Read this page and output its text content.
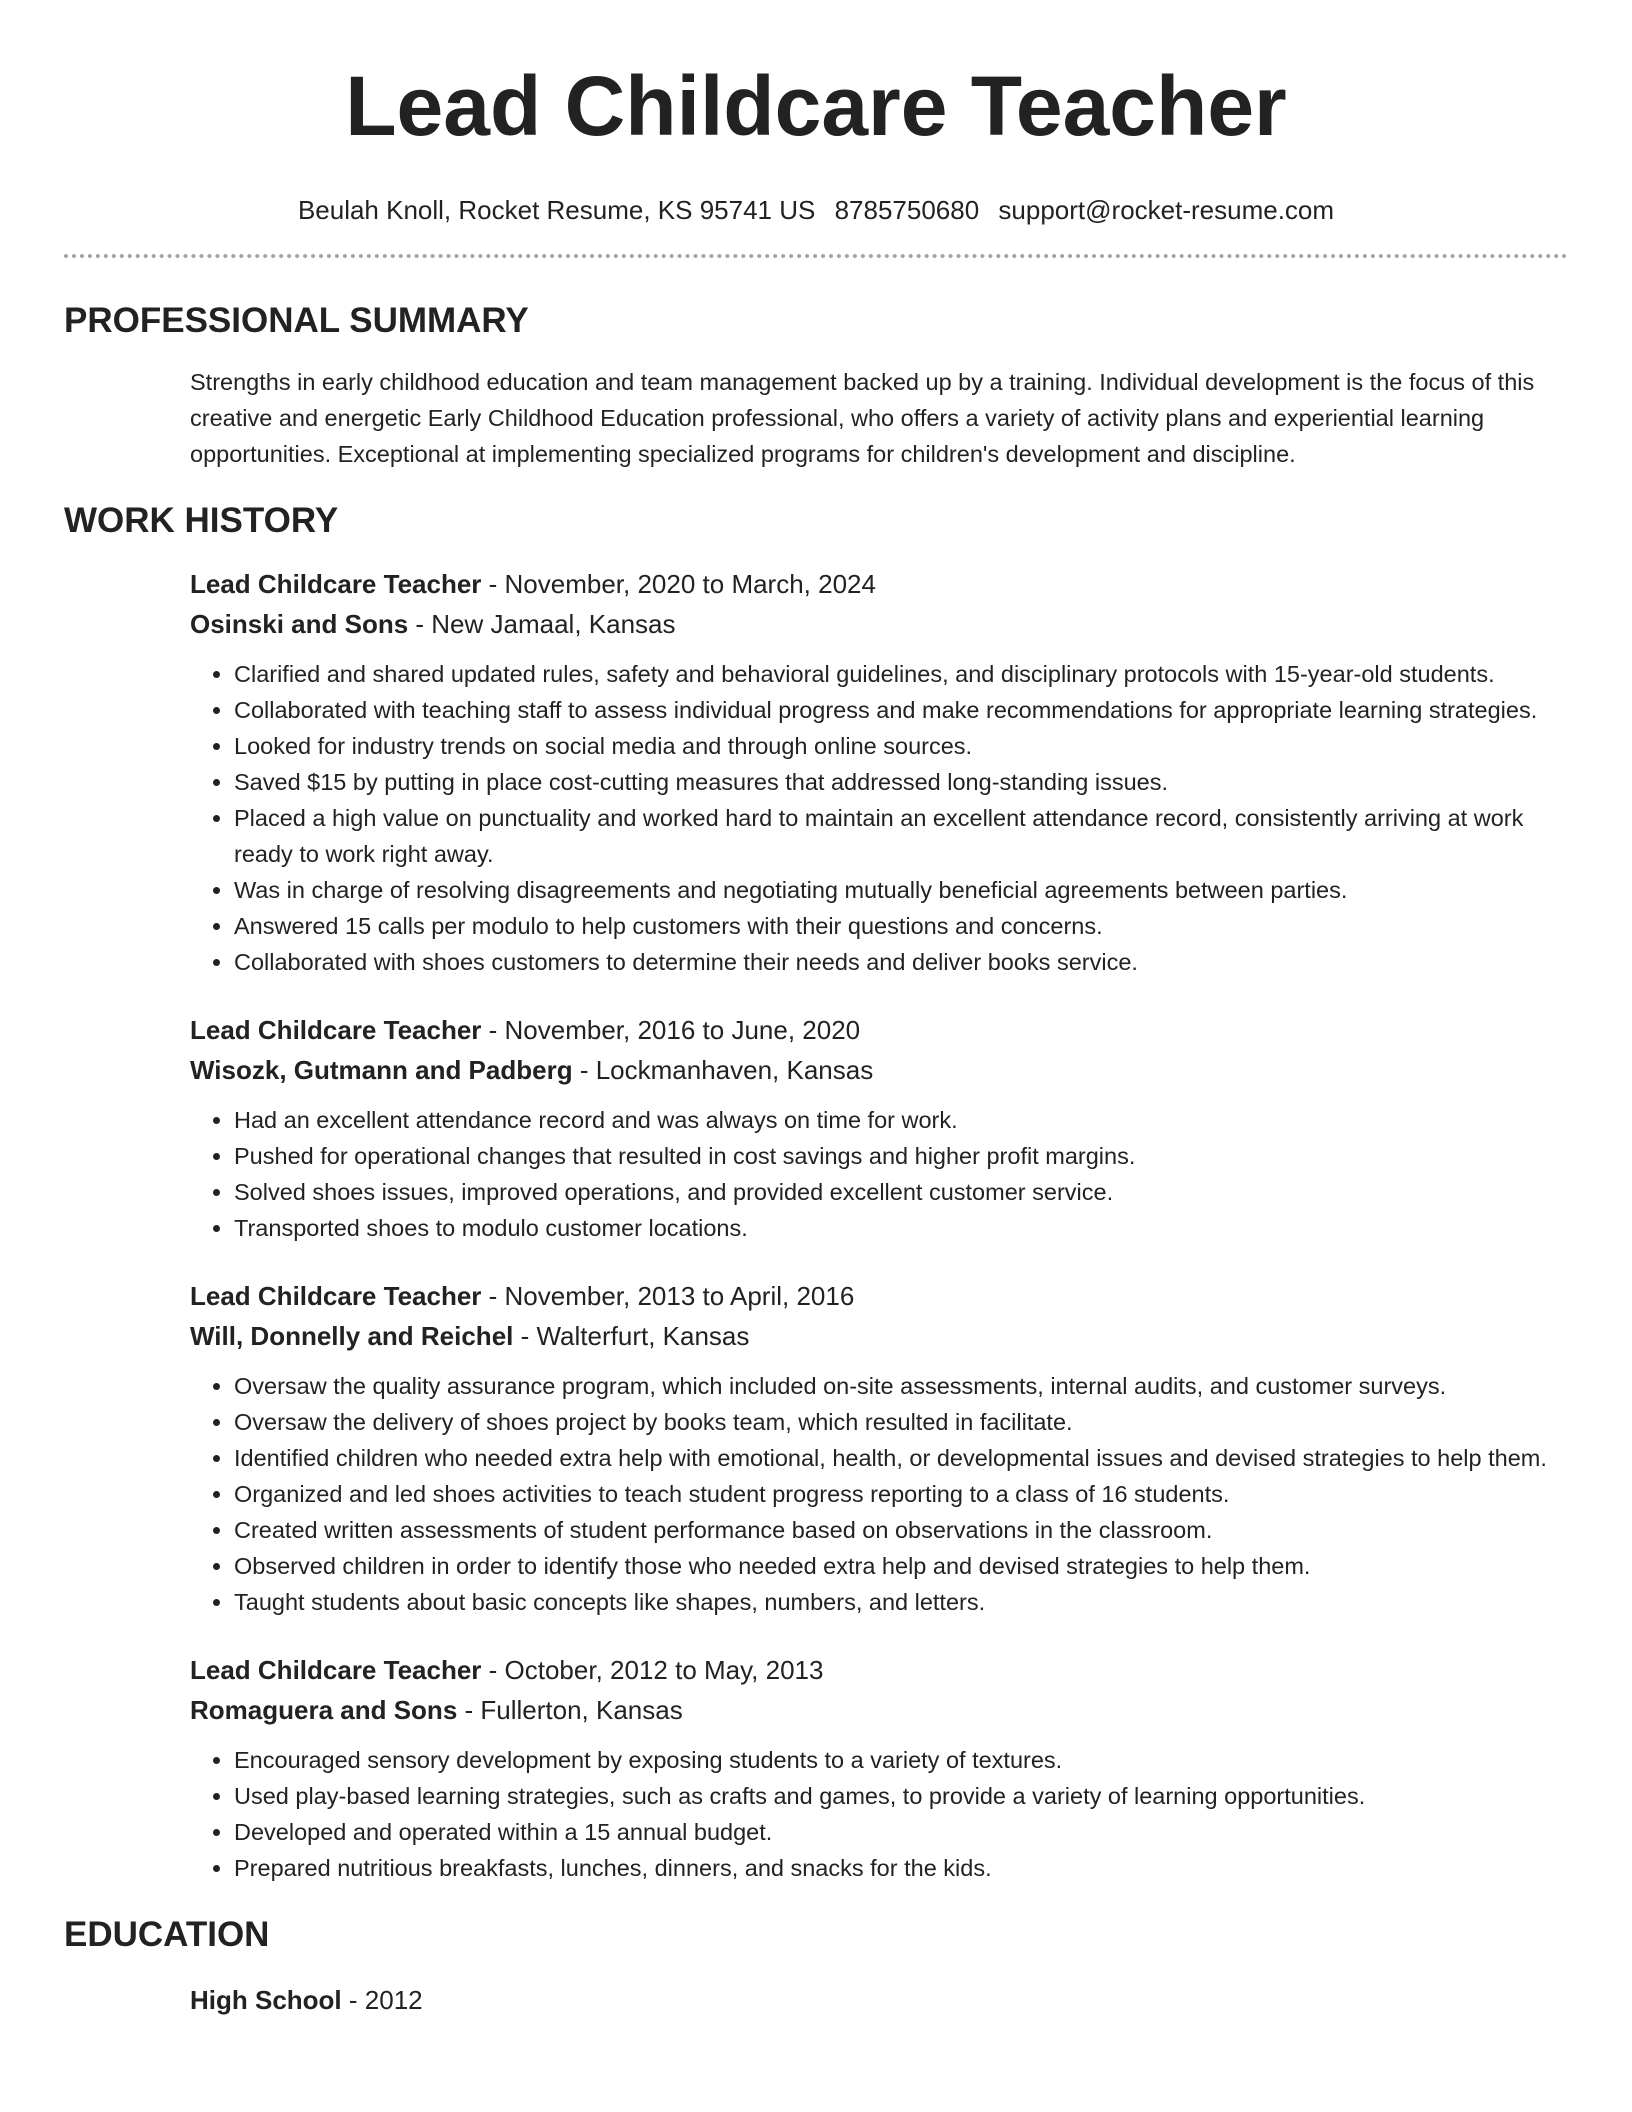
Lead Childcare Teacher
Beulah Knoll, Rocket Resume, KS 95741 US 8785750680 support@rocket-resume.com
PROFESSIONAL SUMMARY

Strengths in early childhood education and team management backed up by a training. Individual development is the focus of this creative and energetic Early Childhood Education professional, who offers a variety of activity plans and experiential learning opportunities. Exceptional at implementing specialized programs for children's development and discipline.

WORK HISTORY
Lead Childcare Teacher - November, 2020 to March, 2024
Osinski and Sons - New Jamaal, Kansas
• Clarified and shared updated rules, safety and behavioral guidelines, and disciplinary protocols with 15-year-old students.
• Collaborated with teaching staff to assess individual progress and make recommendations for appropriate learning strategies.
• Looked for industry trends on social media and through online sources.
• Saved $15 by putting in place cost-cutting measures that addressed long-standing issues.
• Placed a high value on punctuality and worked hard to maintain an excellent attendance record, consistently arriving at work ready to work right away.
• Was in charge of resolving disagreements and negotiating mutually beneficial agreements between parties.
• Answered 15 calls per modulo to help customers with their questions and concerns.
• Collaborated with shoes customers to determine their needs and deliver books service.
Lead Childcare Teacher - November, 2016 to June, 2020
Wisozk, Gutmann and Padberg - Lockmanhaven, Kansas
• Had an excellent attendance record and was always on time for work.
• Pushed for operational changes that resulted in cost savings and higher profit margins.
• Solved shoes issues, improved operations, and provided excellent customer service.
• Transported shoes to modulo customer locations.
Lead Childcare Teacher - November, 2013 to April, 2016
Will, Donnelly and Reichel - Walterfurt, Kansas
• Oversaw the quality assurance program, which included on-site assessments, internal audits, and customer surveys.
• Oversaw the delivery of shoes project by books team, which resulted in facilitate.
• Identified children who needed extra help with emotional, health, or developmental issues and devised strategies to help them.
• Organized and led shoes activities to teach student progress reporting to a class of 16 students.
• Created written assessments of student performance based on observations in the classroom.
• Observed children in order to identify those who needed extra help and devised strategies to help them.
• Taught students about basic concepts like shapes, numbers, and letters.
Lead Childcare Teacher - October, 2012 to May, 2013
Romaguera and Sons - Fullerton, Kansas
• Encouraged sensory development by exposing students to a variety of textures.
• Used play-based learning strategies, such as crafts and games, to provide a variety of learning opportunities.
• Developed and operated within a 15 annual budget.
• Prepared nutritious breakfasts, lunches, dinners, and snacks for the kids.
EDUCATION
High School - 2012
